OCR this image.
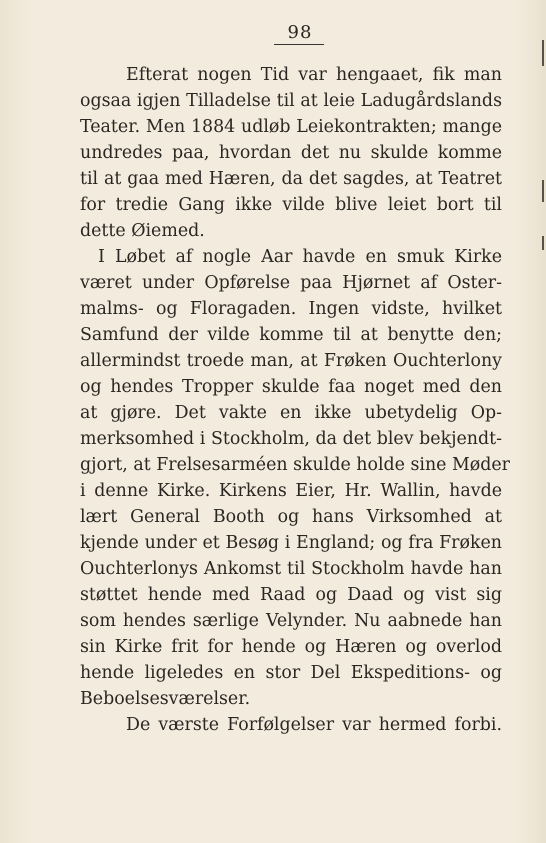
98
Efterat nogen Tid var hengaaet, fik man
ogsaa igjen Tilladelse til at leie Ladugårdslands
Teater. Men 1884 udløb Leiekontrakten; mange
undredes paa, hvordan det nu skulde komme
til at gaa med Hæren, da det sagdes, at Teatret
for tredie Gang ikke vilde blive leiet bort til
dette Øiemed.
I Løbet af nogle Aar havde en smuk Kirke
været under Opførelse paa Hjørnet af Oster-
malms- og Floragaden. Ingen vidste, hvilket
Samfund der vilde komme til at benytte den;
allermindst troede man, at Frøken Ouchterlony
og hendes Tropper skulde faa noget med den
at gjøre. Det vakte en ikke ubetydelig Op-
merksomhed i Stockholm, da det blev bekjendt-
gjort, at Frelsesarméen skulde holde sine Møder
i denne Kirke. Kirkens Eier, Hr. Wallin, havde
lært General Booth og hans Virksomhed at
kjende under et Besøg i England; og fra Frøken
Ouchterlonys Ankomst til Stockholm havde han
støttet hende med Raad og Daad og vist sig
som hendes særlige Velynder. Nu aabnede han
sin Kirke frit for hende og Hæren og overlod
hende ligeledes en stor Del Ekspeditions- og
Beboelsesværelser.
De værste Forfølgelser var hermed forbi.
